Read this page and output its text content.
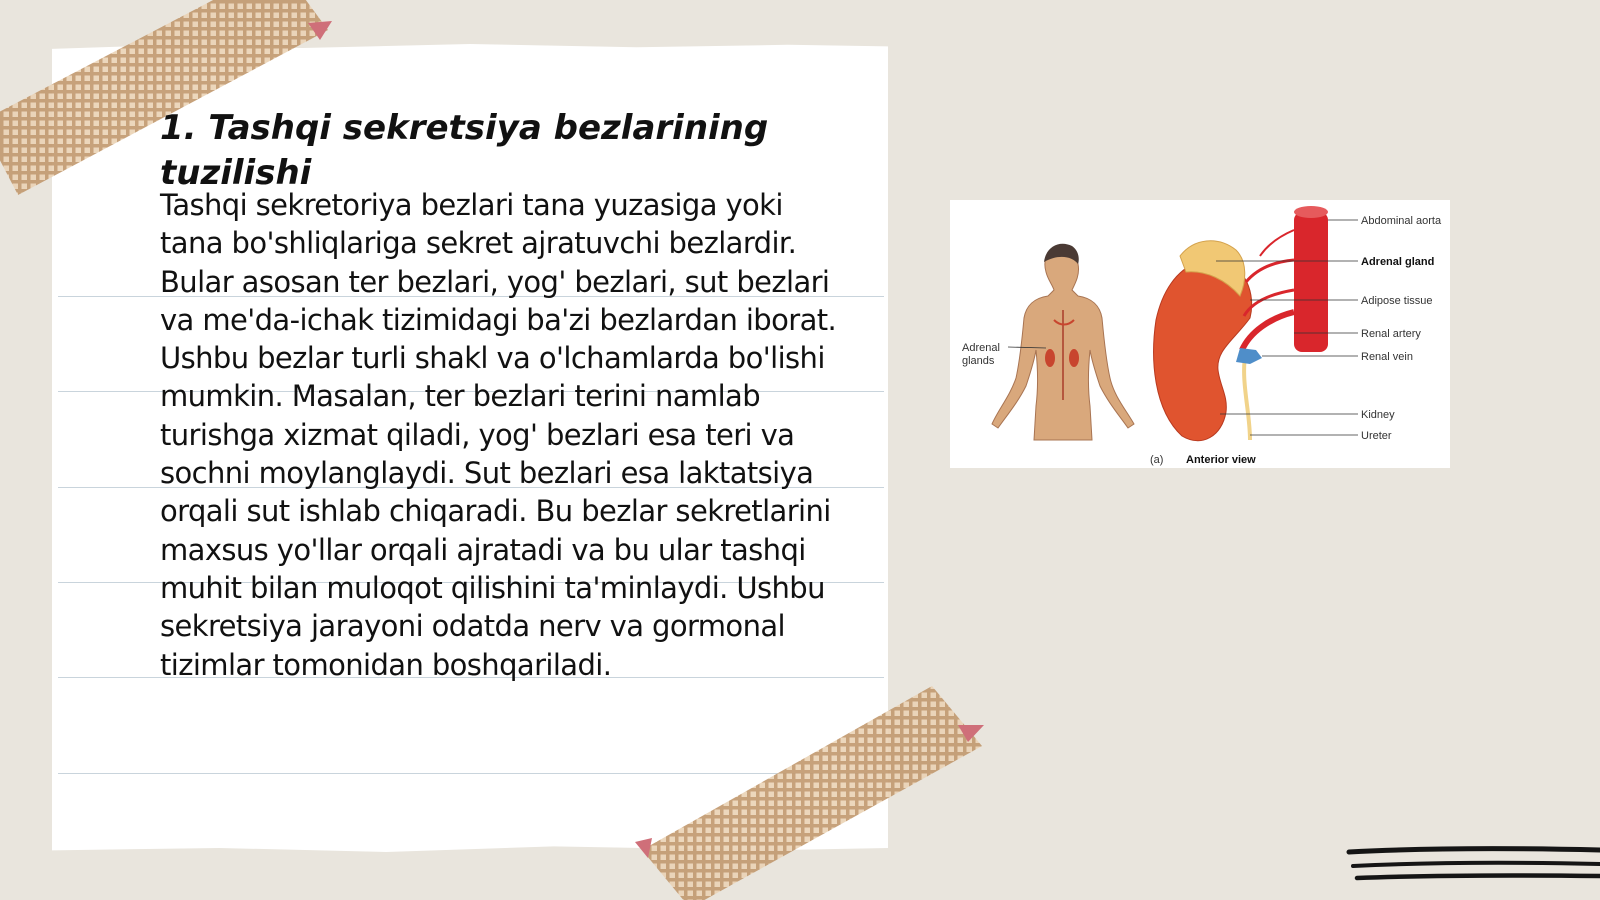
1. Tashqi sekretsiya bezlarining tuzilishi

Tashqi sekretoriya bezlari tana yuzasiga yoki tana bo'shliqlariga sekret ajratuvchi bezlardir. Bular asosan ter bezlari, yog' bezlari, sut bezlari va me'da-ichak tizimidagi ba'zi bezlardan iborat. Ushbu bezlar turli shakl va o'lchamlarda bo'lishi mumkin. Masalan, ter bezlari terini namlab turishga xizmat qiladi, yog' bezlari esa teri va sochni moylanglaydi. Sut bezlari esa laktatsiya orqali sut ishlab chiqaradi. Bu bezlar sekretlarini maxsus yo'llar orqali ajratadi va bu ular tashqi muhit bilan muloqot qilishini ta'minlaydi. Ushbu sekretsiya jarayoni odatda nerv va gormonal tizimlar tomonidan boshqariladi.

Adrenal
glands
Abdominal aorta
Adrenal gland
Adipose tissue
Renal artery
Renal vein
Kidney
Ureter
(a) Anterior view
